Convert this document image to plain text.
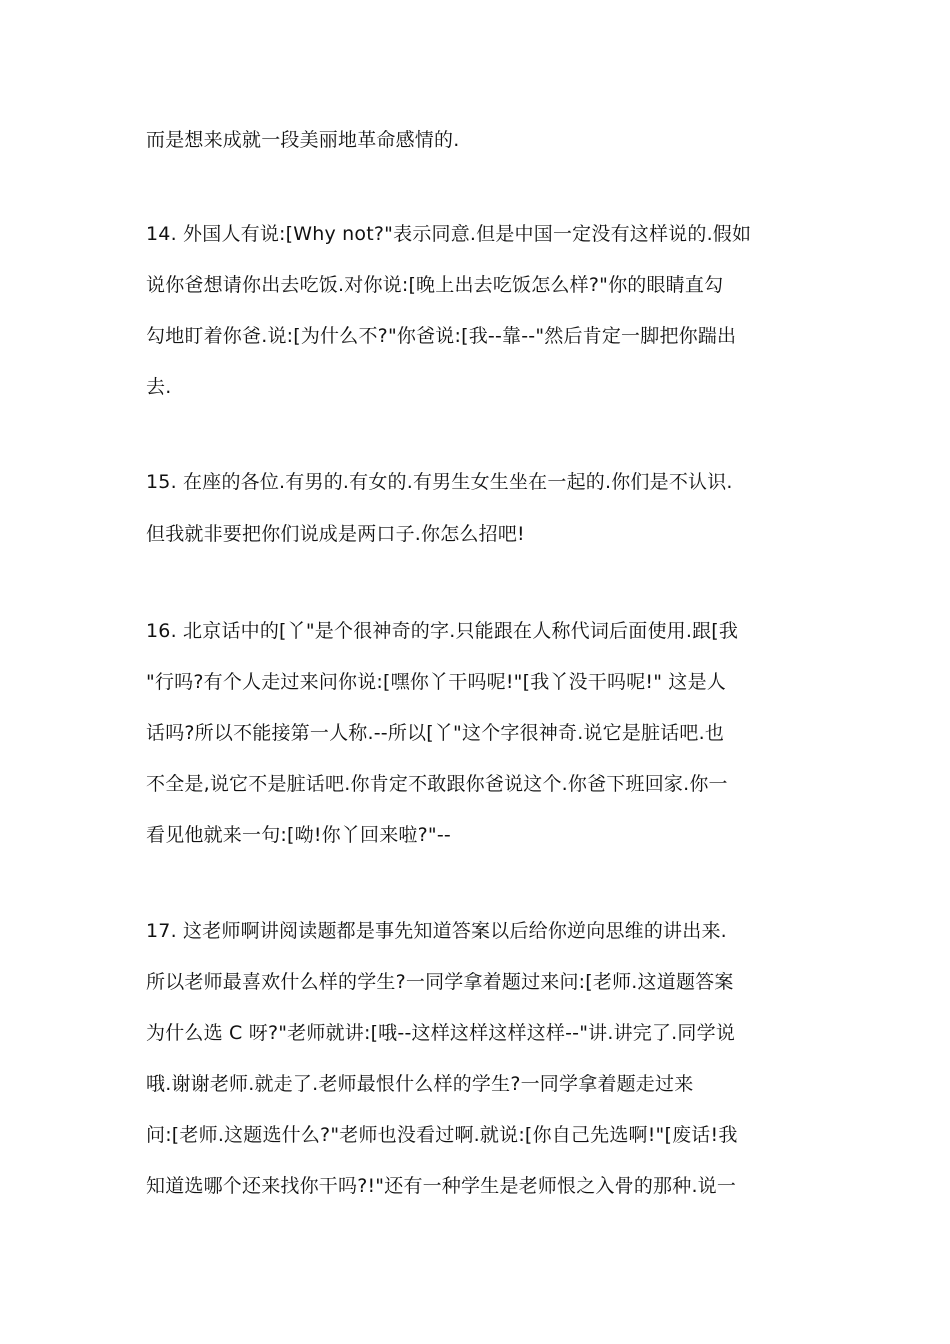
而是想来成就一段美丽地革命感情的.
14. 外国人有说:[Why not?"表示同意.但是中国一定没有这样说的.假如
说你爸想请你出去吃饭.对你说:[晚上出去吃饭怎么样?"你的眼睛直勾
勾地盯着你爸.说:[为什么不?"你爸说:[我--靠--"然后肯定一脚把你踹出
去.
15. 在座的各位.有男的.有女的.有男生女生坐在一起的.你们是不认识.
但我就非要把你们说成是两口子.你怎么招吧!
16. 北京话中的[丫"是个很神奇的字.只能跟在人称代词后面使用.跟[我
"行吗?有个人走过来问你说:[嘿你丫干吗呢!"[我丫没干吗呢!" 这是人
话吗?所以不能接第一人称.--所以[丫"这个字很神奇.说它是脏话吧.也
不全是,说它不是脏话吧.你肯定不敢跟你爸说这个.你爸下班回家.你一
看见他就来一句:[呦!你丫回来啦?"--
17. 这老师啊讲阅读题都是事先知道答案以后给你逆向思维的讲出来.
所以老师最喜欢什么样的学生?一同学拿着题过来问:[老师.这道题答案
为什么选 C 呀?"老师就讲:[哦--这样这样这样这样--"讲.讲完了.同学说
哦.谢谢老师.就走了.老师最恨什么样的学生?一同学拿着题走过来
问:[老师.这题选什么?"老师也没看过啊.就说:[你自己先选啊!"[废话!我
知道选哪个还来找你干吗?!"还有一种学生是老师恨之入骨的那种.说一
